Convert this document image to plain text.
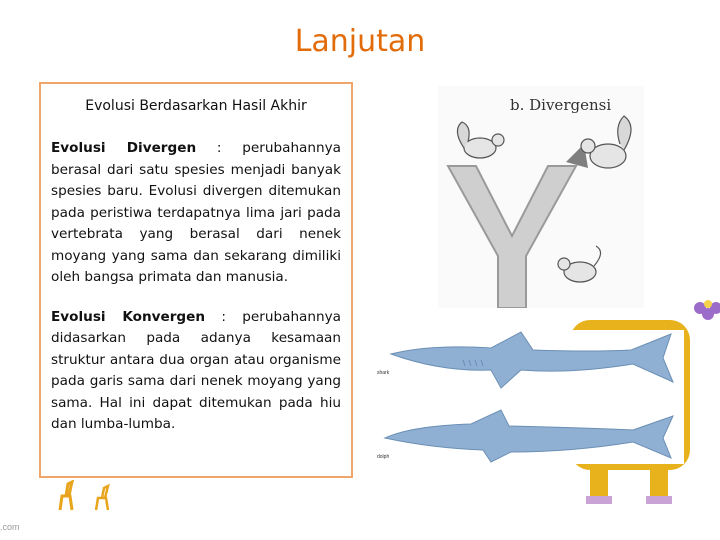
Lanjutan
Evolusi Berdasarkan Hasil Akhir

Evolusi Divergen : perubahannya berasal dari satu spesies menjadi banyak spesies baru. Evolusi divergen ditemukan pada peristiwa terdapatnya lima jari pada vertebrata yang berasal dari nenek moyang yang sama dan sekarang dimiliki oleh bangsa primata dan manusia.

Evolusi Konvergen : perubahannya didasarkan pada adanya kesamaan struktur antara dua organ atau organisme pada garis sama dari nenek moyang yang sama. Hal ini dapat ditemukan pada hiu dan lumba-lumba.

b. Divergensi
shark
dolph
.com
